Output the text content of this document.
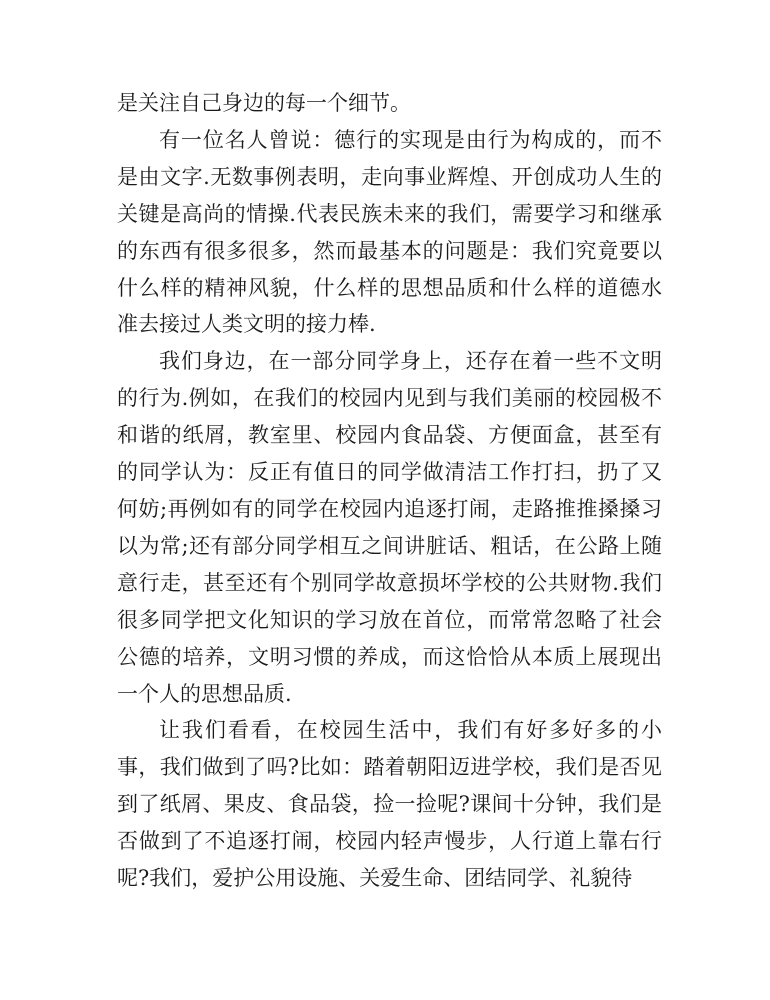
是关注自己身边的每一个细节。

有一位名人曾说：德行的实现是由行为构成的，而不是由文字.无数事例表明，走向事业辉煌、开创成功人生的关键是高尚的情操.代表民族未来的我们，需要学习和继承的东西有很多很多，然而最基本的问题是：我们究竟要以什么样的精神风貌，什么样的思想品质和什么样的道德水准去接过人类文明的接力棒.

我们身边，在一部分同学身上，还存在着一些不文明的行为.例如，在我们的校园内见到与我们美丽的校园极不和谐的纸屑，教室里、校园内食品袋、方便面盒，甚至有的同学认为：反正有值日的同学做清洁工作打扫，扔了又何妨;再例如有的同学在校园内追逐打闹，走路推推搡搡习以为常;还有部分同学相互之间讲脏话、粗话，在公路上随意行走，甚至还有个别同学故意损坏学校的公共财物.我们很多同学把文化知识的学习放在首位，而常常忽略了社会公德的培养，文明习惯的养成，而这恰恰从本质上展现出一个人的思想品质.

让我们看看，在校园生活中，我们有好多好多的小事，我们做到了吗?比如：踏着朝阳迈进学校，我们是否见到了纸屑、果皮、食品袋，捡一捡呢?课间十分钟，我们是否做到了不追逐打闹，校园内轻声慢步，人行道上靠右行呢?我们，爱护公用设施、关爱生命、团结同学、礼貌待
